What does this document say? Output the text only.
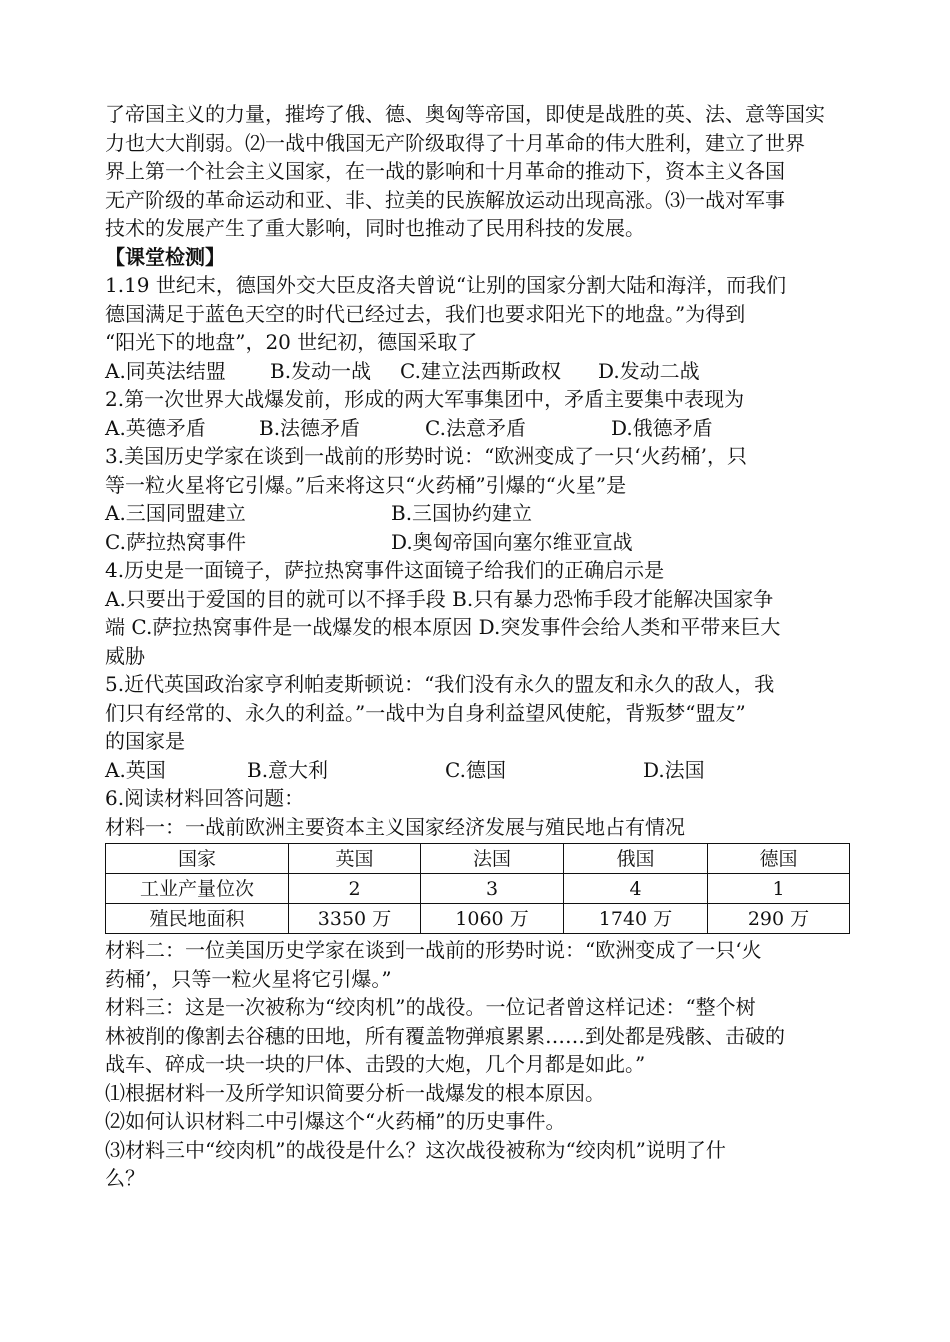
了帝国主义的力量，摧垮了俄、德、奥匈等帝国，即使是战胜的英、法、意等国实
力也大大削弱。⑵一战中俄国无产阶级取得了十月革命的伟大胜利，建立了世界
界上第一个社会主义国家，在一战的影响和十月革命的推动下，资本主义各国
无产阶级的革命运动和亚、非、拉美的民族解放运动出现高涨。⑶一战对军事
技术的发展产生了重大影响，同时也推动了民用科技的发展。
【课堂检测】
1.19 世纪末，德国外交大臣皮洛夫曾说“让别的国家分割大陆和海洋，而我们
德国满足于蓝色天空的时代已经过去，我们也要求阳光下的地盘。”为得到
“阳光下的地盘”，20 世纪初，德国采取了
A.同英法结盟	B.发动一战	C.建立法西斯政权	D.发动二战
2.第一次世界大战爆发前，形成的两大军事集团中，矛盾主要集中表现为
A.英德矛盾	B.法德矛盾	C.法意矛盾	D.俄德矛盾
3.美国历史学家在谈到一战前的形势时说：“欧洲变成了一只‘火药桶’，只
等一粒火星将它引爆。”后来将这只“火药桶”引爆的“火星”是
A.三国同盟建立	B.三国协约建立
C.萨拉热窝事件	D.奥匈帝国向塞尔维亚宣战
4.历史是一面镜子，萨拉热窝事件这面镜子给我们的正确启示是
A.只要出于爱国的目的就可以不择手段 B.只有暴力恐怖手段才能解决国家争
端 C.萨拉热窝事件是一战爆发的根本原因 D.突发事件会给人类和平带来巨大
威胁
5.近代英国政治家亨利帕麦斯顿说：“我们没有永久的盟友和永久的敌人，我
们只有经常的、永久的利益。”一战中为自身利益望风使舵，背叛梦“盟友”
的国家是
A.英国	B.意大利	C.德国	D.法国
6.阅读材料回答问题：
材料一：一战前欧洲主要资本主义国家经济发展与殖民地占有情况
国家	英国	法国	俄国	德国
工业产量位次	2	3	4	1
殖民地面积	3350 万	1060 万	1740 万	290 万
材料二：一位美国历史学家在谈到一战前的形势时说：“欧洲变成了一只‘火
药桶’，只等一粒火星将它引爆。”
材料三：这是一次被称为“绞肉机”的战役。一位记者曾这样记述：“整个树
林被削的像割去谷穗的田地，所有覆盖物弹痕累累……到处都是残骸、击破的
战车、碎成一块一块的尸体、击毁的大炮，几个月都是如此。”
⑴根据材料一及所学知识简要分析一战爆发的根本原因。
⑵如何认识材料二中引爆这个“火药桶”的历史事件。
⑶材料三中“绞肉机”的战役是什么？这次战役被称为“绞肉机”说明了什
么？
